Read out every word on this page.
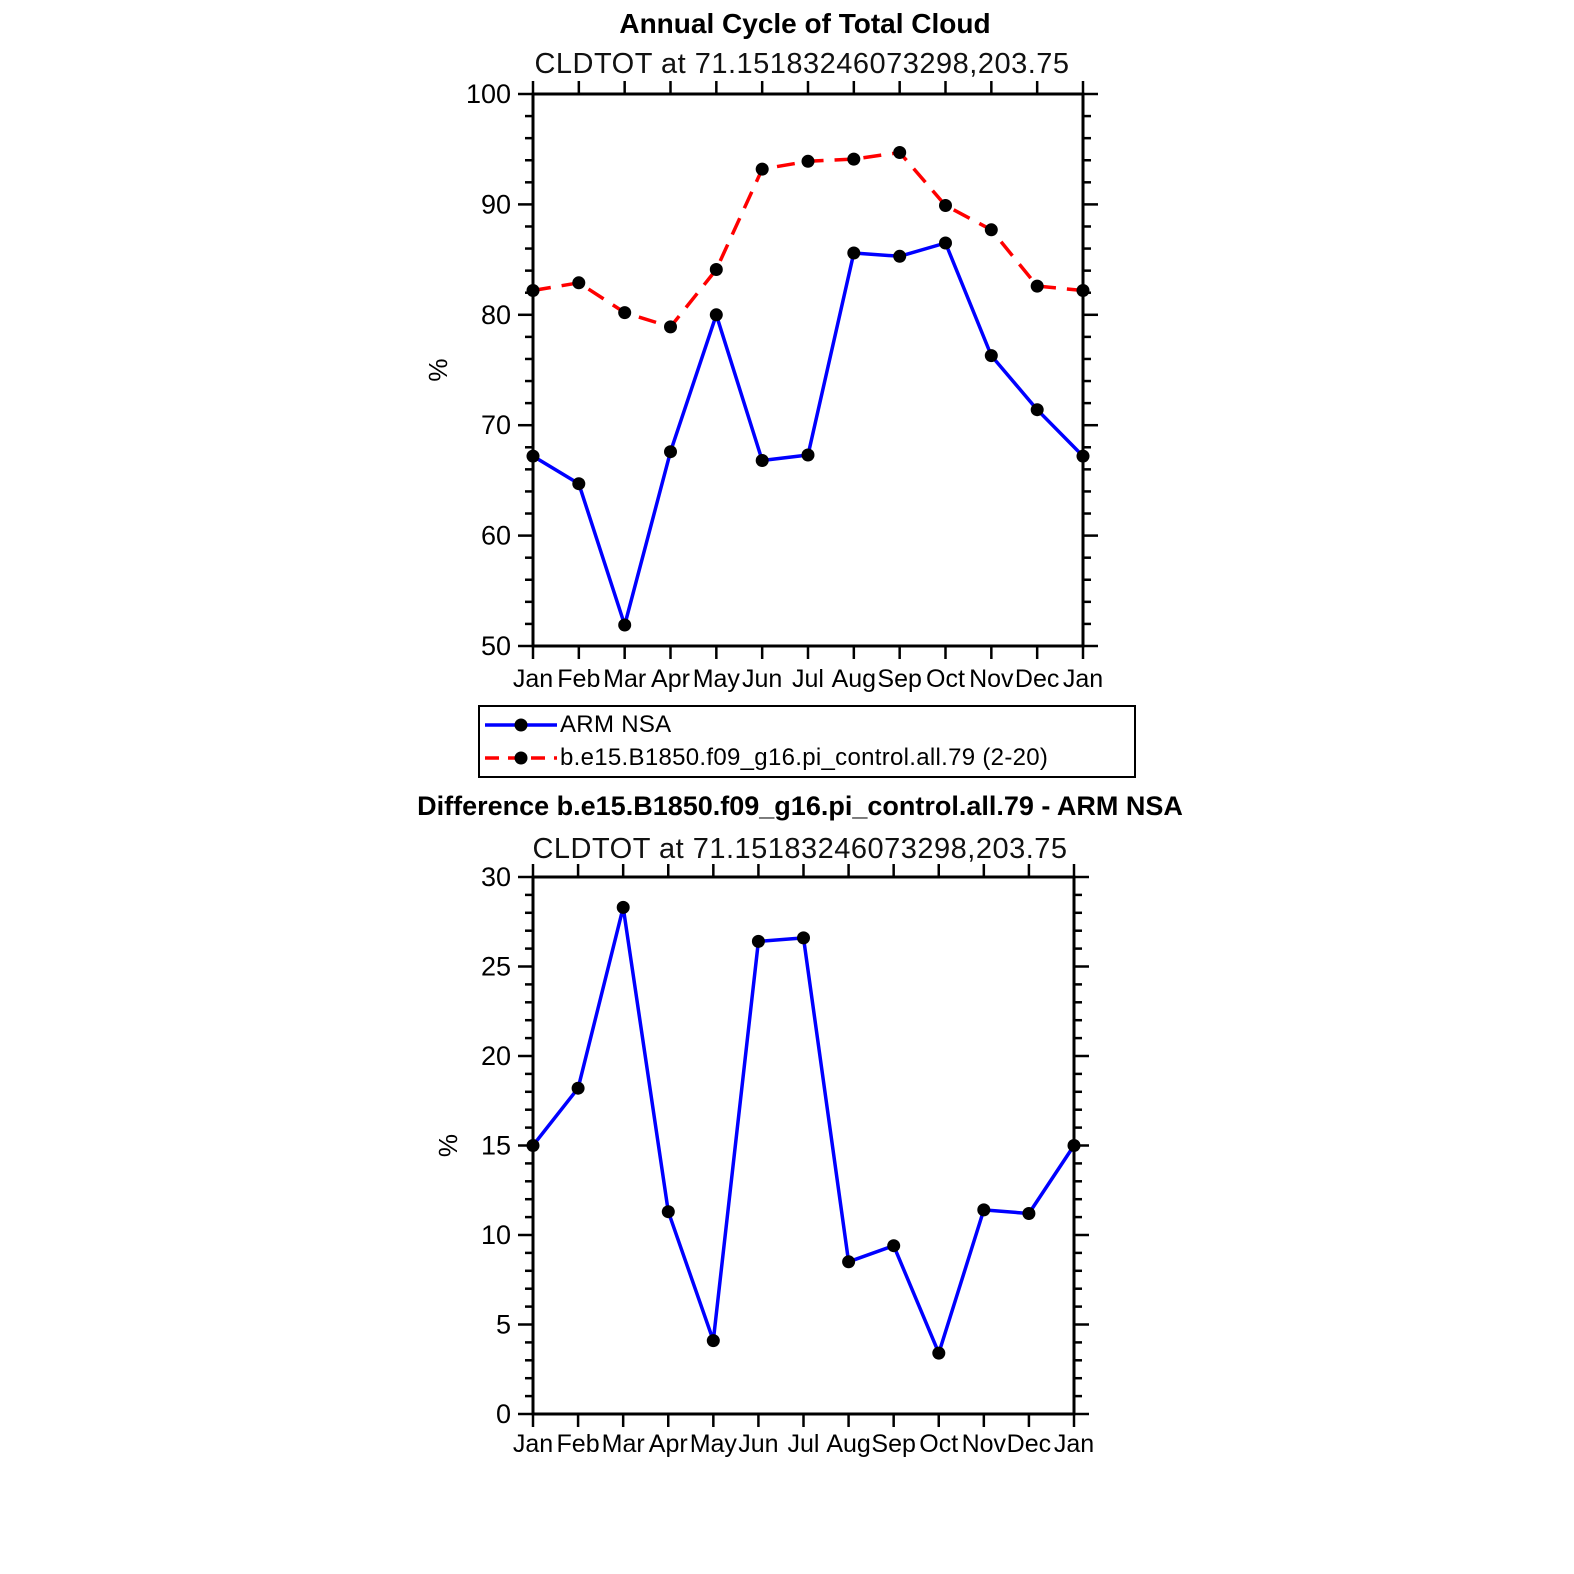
50
60
70
80
90
100
Jan Feb Mar Apr May Jun Jul Aug Sep Oct Nov Dec Jan
%
0
5
10
15
20
25
30
Jan Feb Mar Apr May Jun Jul Aug Sep Oct Nov Dec Jan
%
Annual Cycle of Total Cloud
CLDTOT at 71.15183246073298,203.75
ARM NSA
b.e15.B1850.f09_g16.pi_control.all.79 (2-20)
Difference b.e15.B1850.f09_g16.pi_control.all.79 - ARM NSA
CLDTOT at 71.15183246073298,203.75
